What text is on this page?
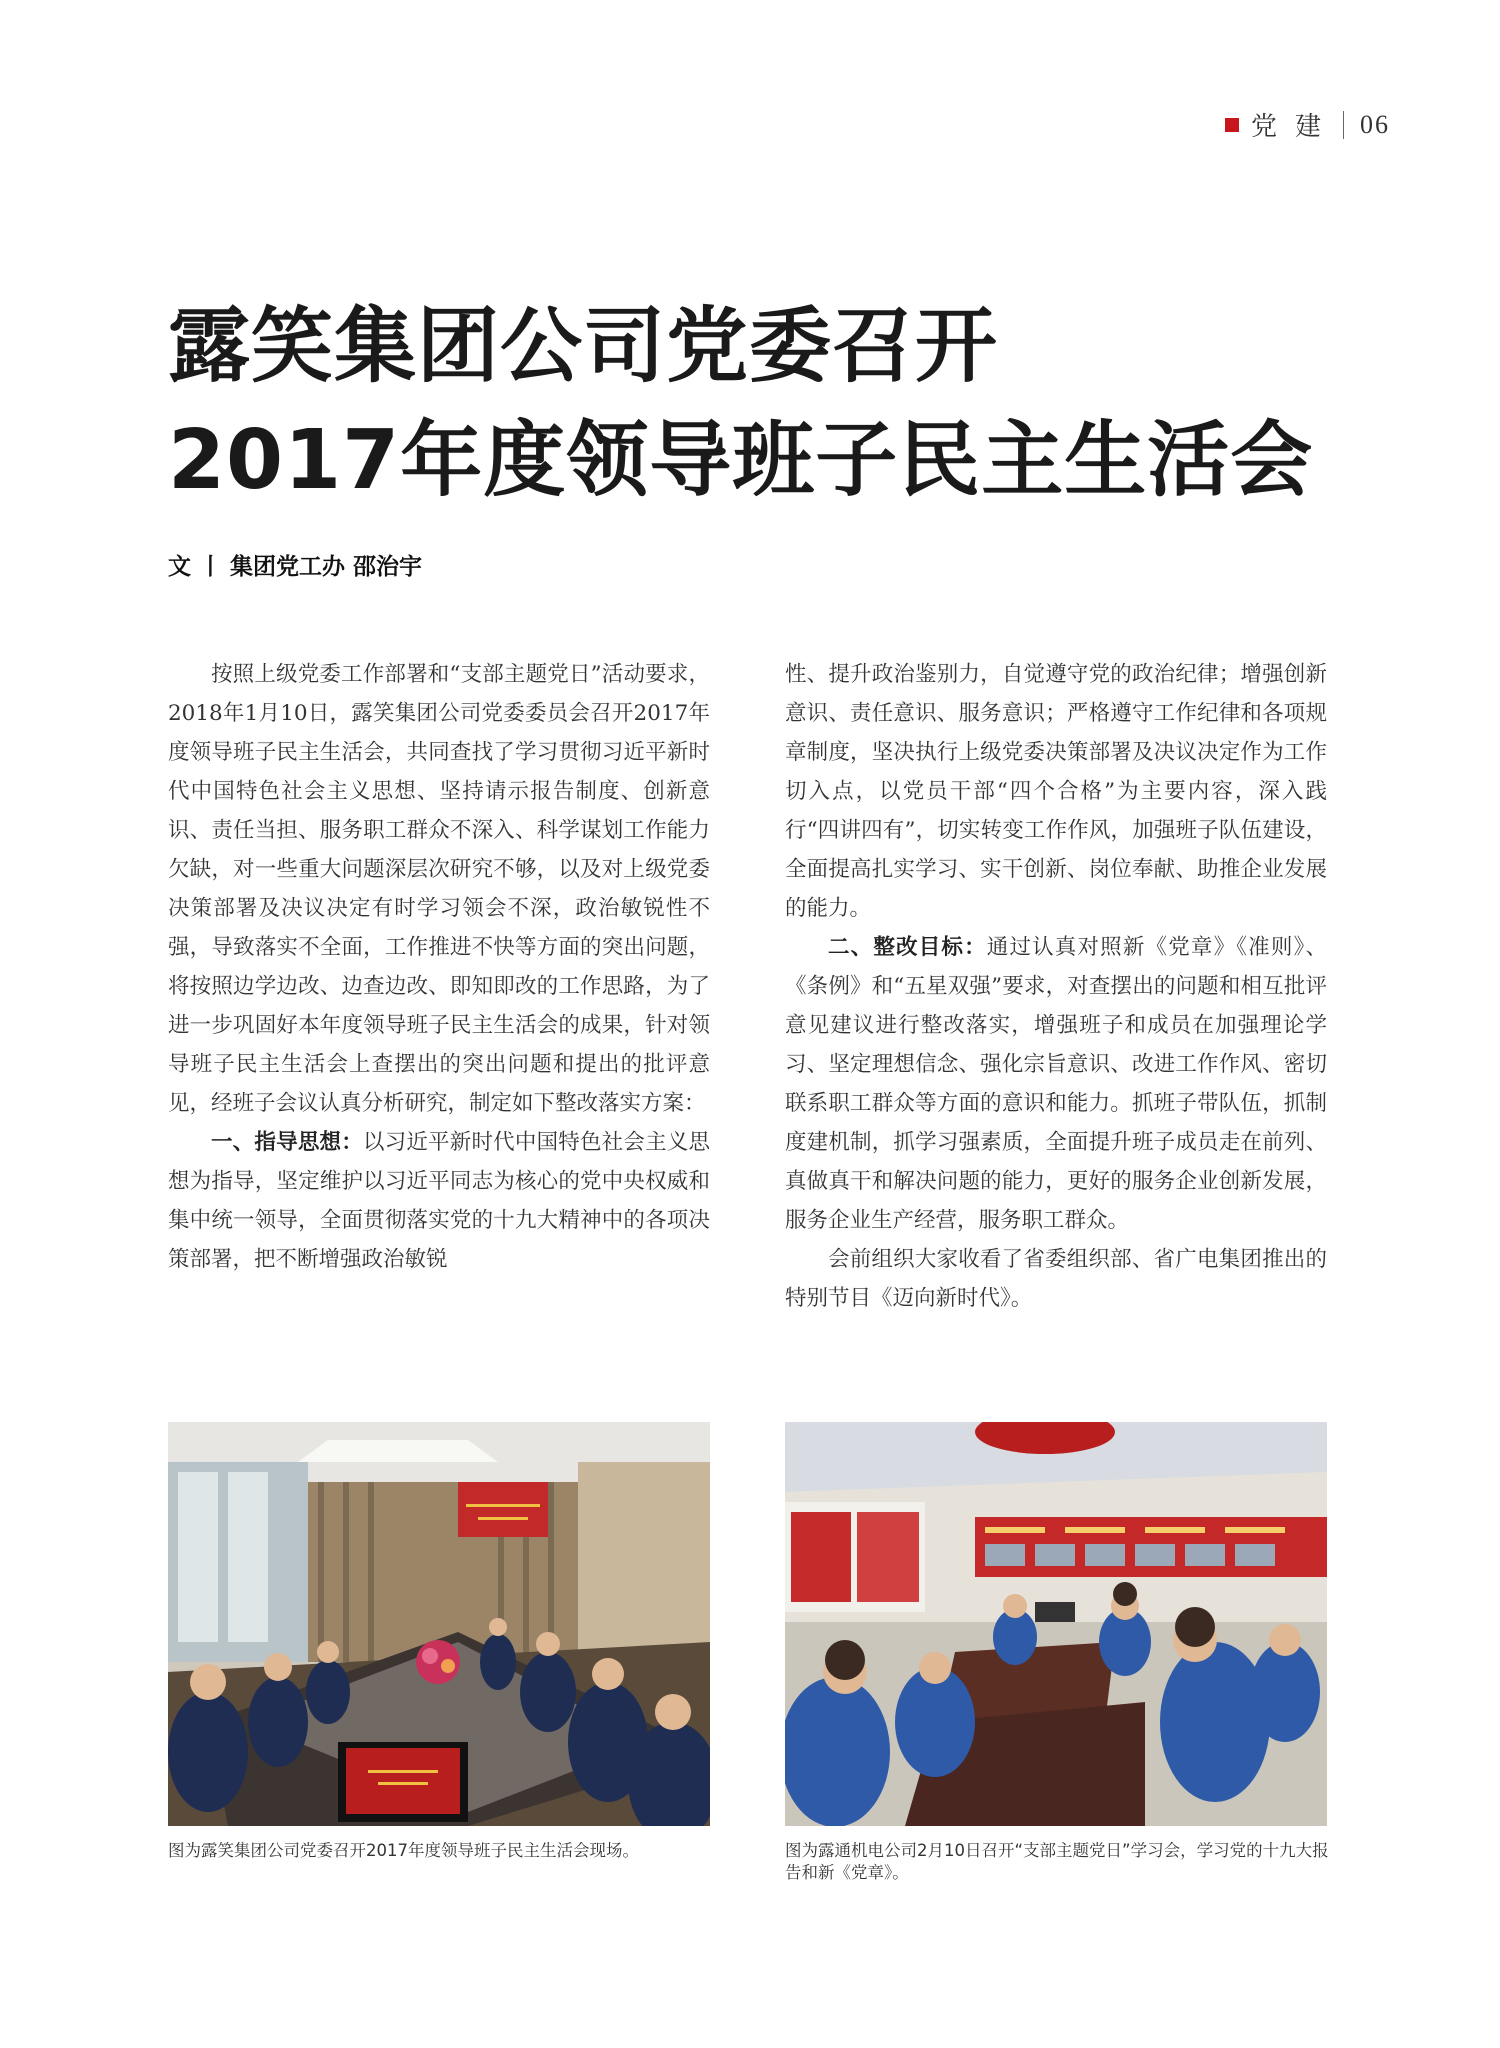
党建 06
露笑集团公司党委召开
2017年度领导班子民主生活会
文 丨 集团党工办 邵治宇

按照上级党委工作部署和“支部主题党日”活动要求，2018年1月10日，露笑集团公司党委委员会召开2017年度领导班子民主生活会，共同查找了学习贯彻习近平新时代中国特色社会主义思想、坚持请示报告制度、创新意识、责任当担、服务职工群众不深入、科学谋划工作能力欠缺，对一些重大问题深层次研究不够，以及对上级党委决策部署及决议决定有时学习领会不深，政治敏锐性不强，导致落实不全面，工作推进不快等方面的突出问题，将按照边学边改、边查边改、即知即改的工作思路，为了进一步巩固好本年度领导班子民主生活会的成果，针对领导班子民主生活会上查摆出的突出问题和提出的批评意见，经班子会议认真分析研究，制定如下整改落实方案：

一、指导思想：以习近平新时代中国特色社会主义思想为指导，坚定维护以习近平同志为核心的党中央权威和集中统一领导，全面贯彻落实党的十九大精神中的各项决策部署，把不断增强政治敏锐

性、提升政治鉴别力，自觉遵守党的政治纪律；增强创新意识、责任意识、服务意识；严格遵守工作纪律和各项规章制度，坚决执行上级党委决策部署及决议决定作为工作切入点，以党员干部“四个合格”为主要内容，深入践行“四讲四有”，切实转变工作作风，加强班子队伍建设，全面提高扎实学习、实干创新、岗位奉献、助推企业发展的能力。

二、整改目标：通过认真对照新《党章》《准则》、《条例》和“五星双强”要求，对查摆出的问题和相互批评意见建议进行整改落实，增强班子和成员在加强理论学习、坚定理想信念、强化宗旨意识、改进工作作风、密切联系职工群众等方面的意识和能力。抓班子带队伍，抓制度建机制，抓学习强素质，全面提升班子成员走在前列、真做真干和解决问题的能力，更好的服务企业创新发展，服务企业生产经营，服务职工群众。

会前组织大家收看了省委组织部、省广电集团推出的特别节目《迈向新时代》。

图为露笑集团公司党委召开2017年度领导班子民主生活会现场。	图为露通机电公司2月10日召开“支部主题党日”学习会，学习党的十九大报告和新《党章》。
